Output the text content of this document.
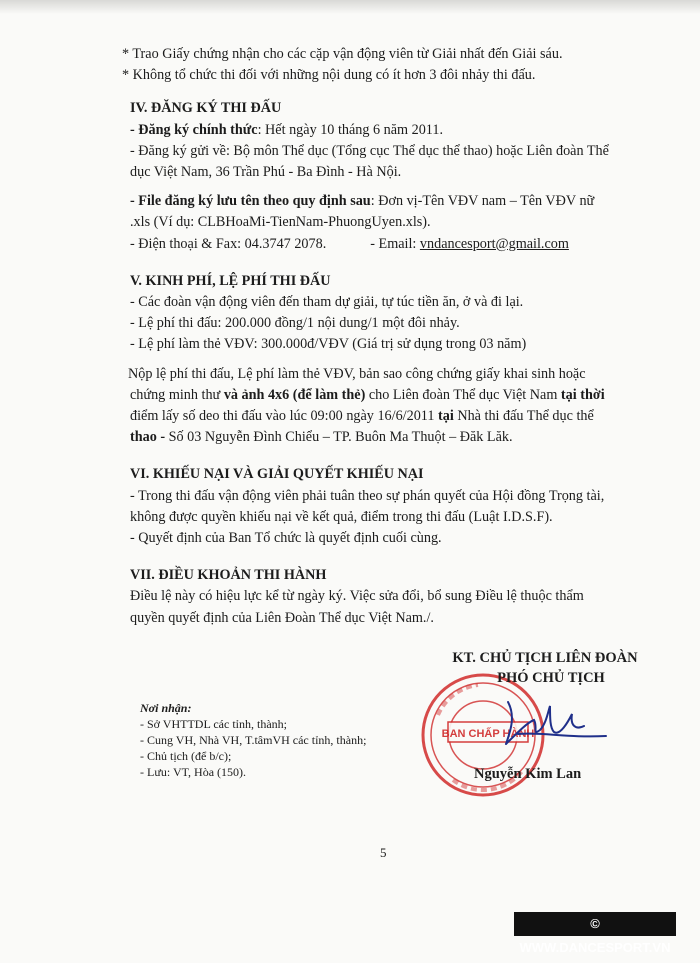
* Trao Giấy chứng nhận cho các cặp vận động viên từ Giải nhất đến Giải sáu.
* Không tổ chức thi đối với những nội dung có ít hơn 3 đôi nhảy thi đấu.
IV. ĐĂNG KÝ THI ĐẤU
- Đăng ký chính thức: Hết ngày 10 tháng 6 năm 2011.
- Đăng ký gửi về: Bộ môn Thể dục (Tổng cục Thể dục thể thao) hoặc Liên đoàn Thể
dục Việt Nam, 36 Trần Phú - Ba Đình - Hà Nội.
- File đăng ký lưu tên theo quy định sau: Đơn vị-Tên VĐV nam – Tên VĐV nữ
.xls (Ví dụ: CLBHoaMi-TienNam-PhuongUyen.xls).
- Điện thoại & Fax: 04.3747 2078.	- Email: vndancesport@gmail.com
V. KINH PHÍ, LỆ PHÍ THI ĐẤU
- Các đoàn vận động viên đến tham dự giải, tự túc tiền ăn, ở và đi lại.
- Lệ phí thi đấu: 200.000 đồng/1 nội dung/1 một đôi nhảy.
- Lệ phí làm thẻ VĐV: 300.000đ/VĐV (Giá trị sử dụng trong 03 năm)
Nộp lệ phí thi đấu, Lệ phí làm thẻ VĐV, bản sao công chứng giấy khai sinh hoặc
chứng minh thư và ảnh 4x6 (để làm thẻ) cho Liên đoàn Thể dục Việt Nam tại thời
điểm lấy số deo thi đấu vào lúc 09:00 ngày 16/6/2011 tại Nhà thi đấu Thể dục thể
thao - Số 03 Nguyễn Đình Chiểu – TP. Buôn Ma Thuột – Đăk Lăk.
VI. KHIẾU NẠI VÀ GIẢI QUYẾT KHIẾU NẠI
- Trong thi đấu vận động viên phải tuân theo sự phán quyết của Hội đồng Trọng tài,
không được quyền khiếu nại về kết quả, điểm trong thi đấu (Luật I.D.S.F).
- Quyết định của Ban Tổ chức là quyết định cuối cùng.
VII. ĐIỀU KHOẢN THI HÀNH
Điều lệ này có hiệu lực kể từ ngày ký. Việc sửa đổi, bổ sung Điều lệ thuộc thẩm
quyền quyết định của Liên Đoàn Thể dục Việt Nam./.
BAN CHẤP HÀNH
KT. CHỦ TỊCH LIÊN ĐOÀN
PHÓ CHỦ TỊCH
Nguyễn Kim Lan
Nơi nhận:
- Sở VHTTDL các tỉnh, thành;
- Cung VH, Nhà VH, T.tâmVH các tỉnh, thành;
- Chủ tịch (để b/c);
- Lưu: VT, Hòa (150).
5
© WWW.DANCESPORT.VN
